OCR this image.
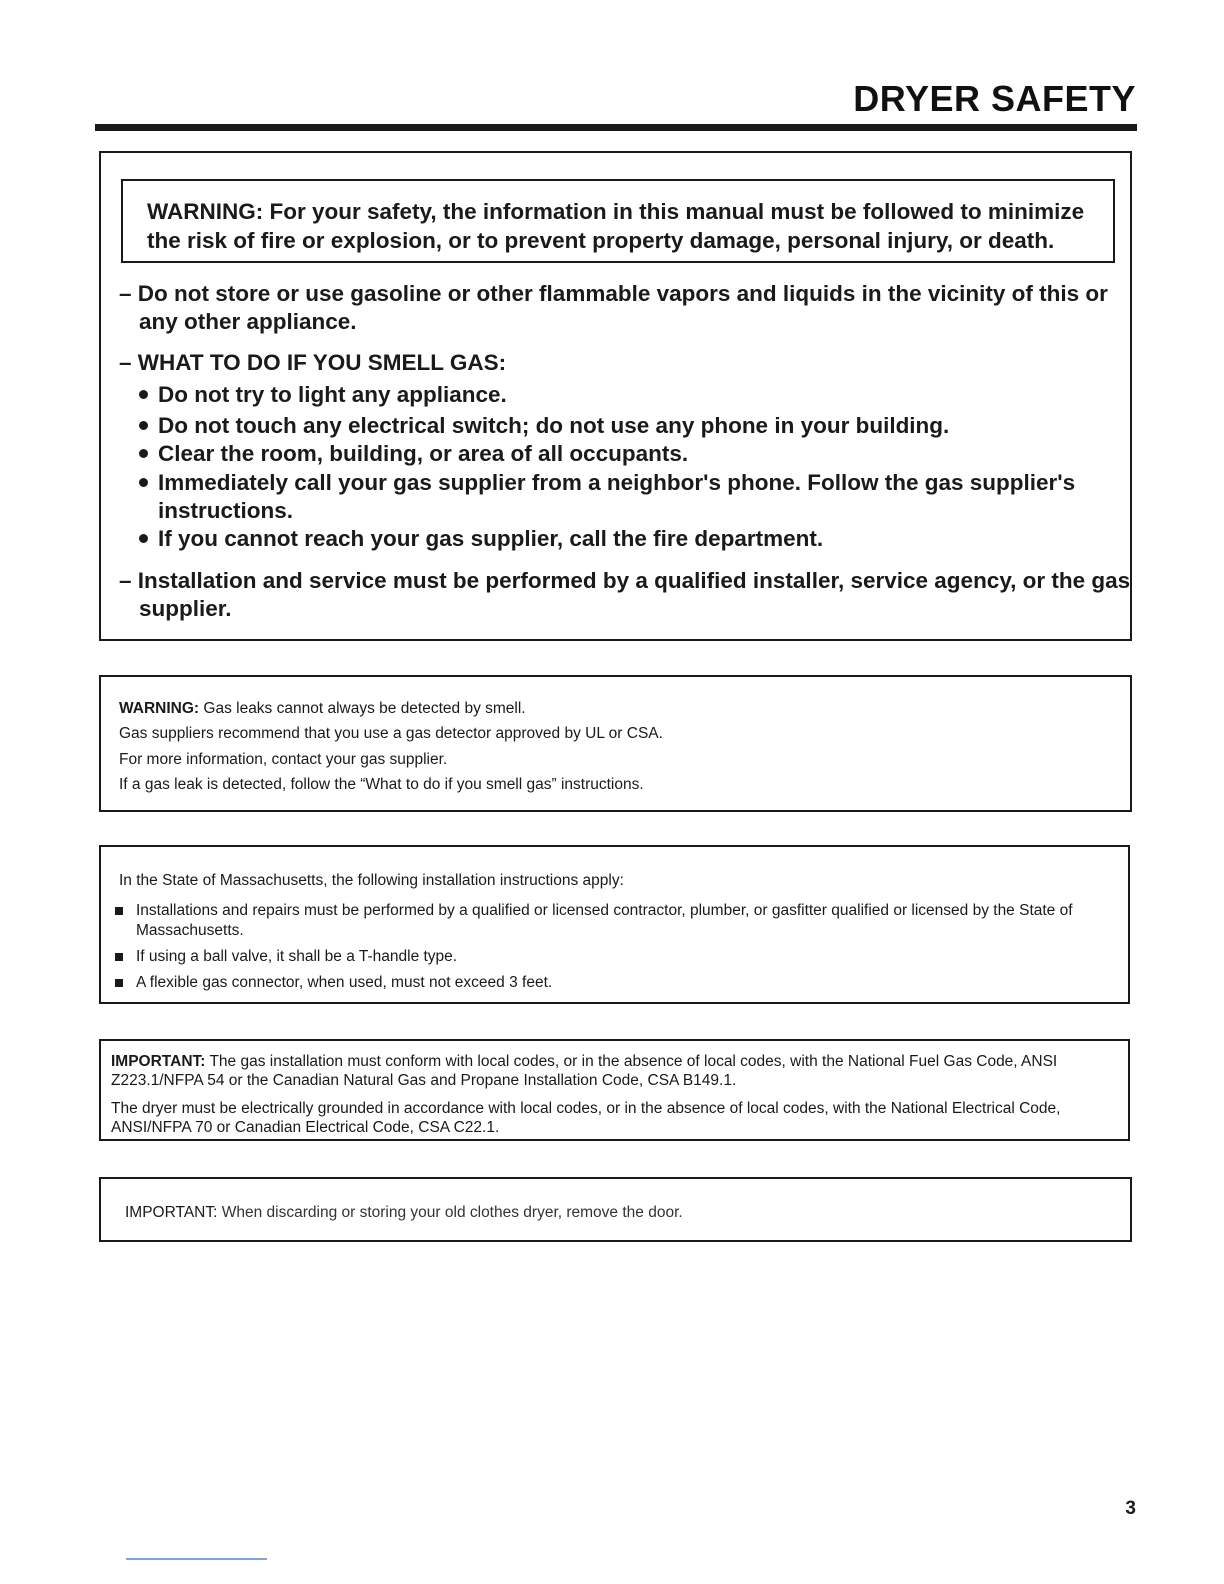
DRYER SAFETY
WARNING: For your safety, the information in this manual must be followed to minimize
the risk of fire or explosion, or to prevent property damage, personal injury, or death.
– Do not store or use gasoline or other flammable vapors and liquids in the vicinity of this or any other appliance.
– WHAT TO DO IF YOU SMELL GAS:
Do not try to light any appliance.
Do not touch any electrical switch; do not use any phone in your building.
Clear the room, building, or area of all occupants.
Immediately call your gas supplier from a neighbor's phone. Follow the gas supplier's instructions.
If you cannot reach your gas supplier, call the fire department.
– Installation and service must be performed by a qualified installer, service agency, or the gas supplier.
WARNING: Gas leaks cannot always be detected by smell.
Gas suppliers recommend that you use a gas detector approved by UL or CSA.
For more information, contact your gas supplier.
If a gas leak is detected, follow the “What to do if you smell gas” instructions.
In the State of Massachusetts, the following installation instructions apply:
Installations and repairs must be performed by a qualified or licensed contractor, plumber, or gasfitter qualified or licensed by the State of Massachusetts.
If using a ball valve, it shall be a T-handle type.
A flexible gas connector, when used, must not exceed 3 feet.
IMPORTANT: The gas installation must conform with local codes, or in the absence of local codes, with the National Fuel Gas Code, ANSI Z223.1/NFPA 54 or the Canadian Natural Gas and Propane Installation Code, CSA B149.1.
The dryer must be electrically grounded in accordance with local codes, or in the absence of local codes, with the National Electrical Code, ANSI/NFPA 70 or Canadian Electrical Code, CSA C22.1.
IMPORTANT: When discarding or storing your old clothes dryer, remove the door.
3
